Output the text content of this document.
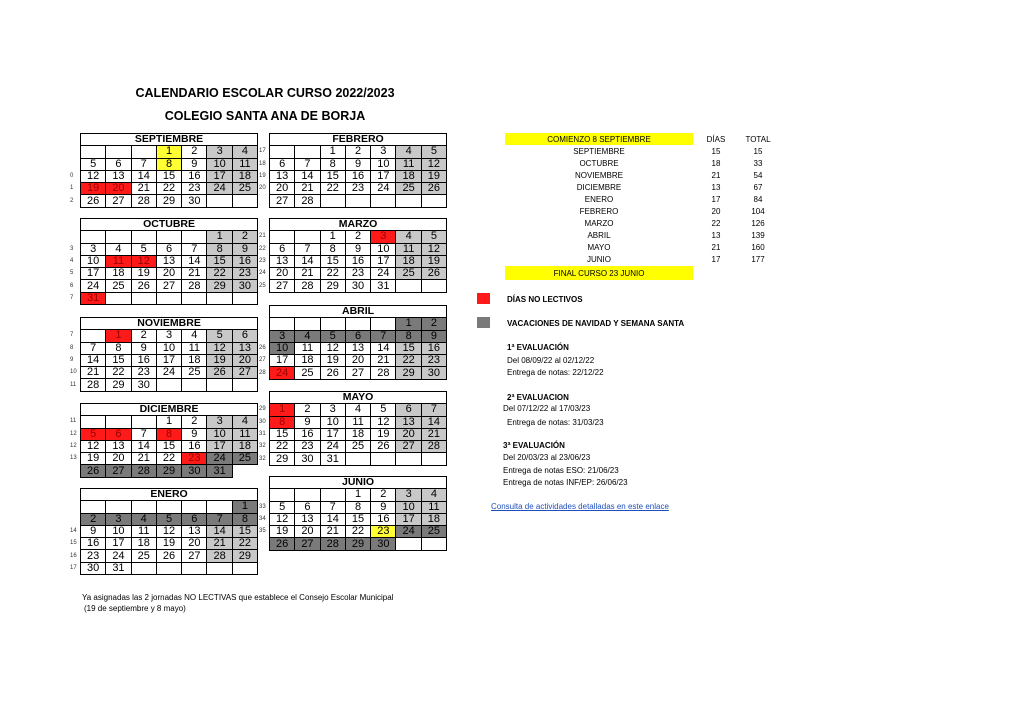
CALENDARIO ESCOLAR CURSO 2022/2023
COLEGIO SANTA ANA DE BORJA
	SEPTIEMBRE						
				1	2	3	4
	5	6	7	8	9	10	11
0	12	13	14	15	16	17	18
1	19	20	21	22	23	24	25
2	26	27	28	29	30		
	OCTUBRE						
						1	2
3	3	4	5	6	7	8	9
4	10	11	12	13	14	15	16
5	17	18	19	20	21	22	23
6	24	25	26	27	28	29	30
7	31						
	NOVIEMBRE						
7		1	2	3	4	5	6
8	7	8	9	10	11	12	13
9	14	15	16	17	18	19	20
10	21	22	23	24	25	26	27
11	28	29	30				
	DICIEMBRE						
11				1	2	3	4
12	5	6	7	8	9	10	11
12	12	13	14	15	16	17	18
13	19	20	21	22	23	24	25
	26	27	28	29	30	31	
	ENERO						
							1
	2	3	4	5	6	7	8
14	9	10	11	12	13	14	15
15	16	17	18	19	20	21	22
16	23	24	25	26	27	28	29
17	30	31					
	FEBRERO						
17			1	2	3	4	5
18	6	7	8	9	10	11	12
19	13	14	15	16	17	18	19
20	20	21	22	23	24	25	26
	27	28					
	MARZO						
21			1	2	3	4	5
22	6	7	8	9	10	11	12
23	13	14	15	16	17	18	19
24	20	21	22	23	24	25	26
25	27	28	29	30	31		
	ABRIL						
						1	2
	3	4	5	6	7	8	9
26	10	11	12	13	14	15	16
27	17	18	19	20	21	22	23
28	24	25	26	27	28	29	30
	MAYO						
29	1	2	3	4	5	6	7
30	8	9	10	11	12	13	14
31	15	16	17	18	19	20	21
32	22	23	24	25	26	27	28
32	29	30	31				
	JUNIO						
				1	2	3	4
33	5	6	7	8	9	10	11
34	12	13	14	15	16	17	18
35	19	20	21	22	23	24	25
	26	27	28	29	30		
COMIENZO 8 SEPTIEMBRE	DÍAS	TOTAL
SEPTIEMBRE	15	15
OCTUBRE	18	33
NOVIEMBRE	21	54
DICIEMBRE	13	67
ENERO	17	84
FEBRERO	20	104
MARZO	22	126
ABRIL	13	139
MAYO	21	160
JUNIO	17	177
FINAL CURSO 23 JUNIO		
DÍAS NO LECTIVOS
VACACIONES DE NAVIDAD Y SEMANA SANTA
1ª EVALUACIÓN
Del 08/09/22 al 02/12/22
Entrega de notas: 22/12/22
2ª EVALUACION
Del 07/12/22 al 17/03/23
Entrega de notas: 31/03/23
3ª EVALUACIÓN
Del 20/03/23 al 23/06/23
Entrega de notas ESO: 21/06/23
Entrega de notas INF/EP: 26/06/23
Consulta de actividades detalladas en este enlace
Ya asignadas las 2 jornadas NO LECTIVAS que establece el Consejo Escolar Municipal
(19 de septiembre y 8 mayo)
